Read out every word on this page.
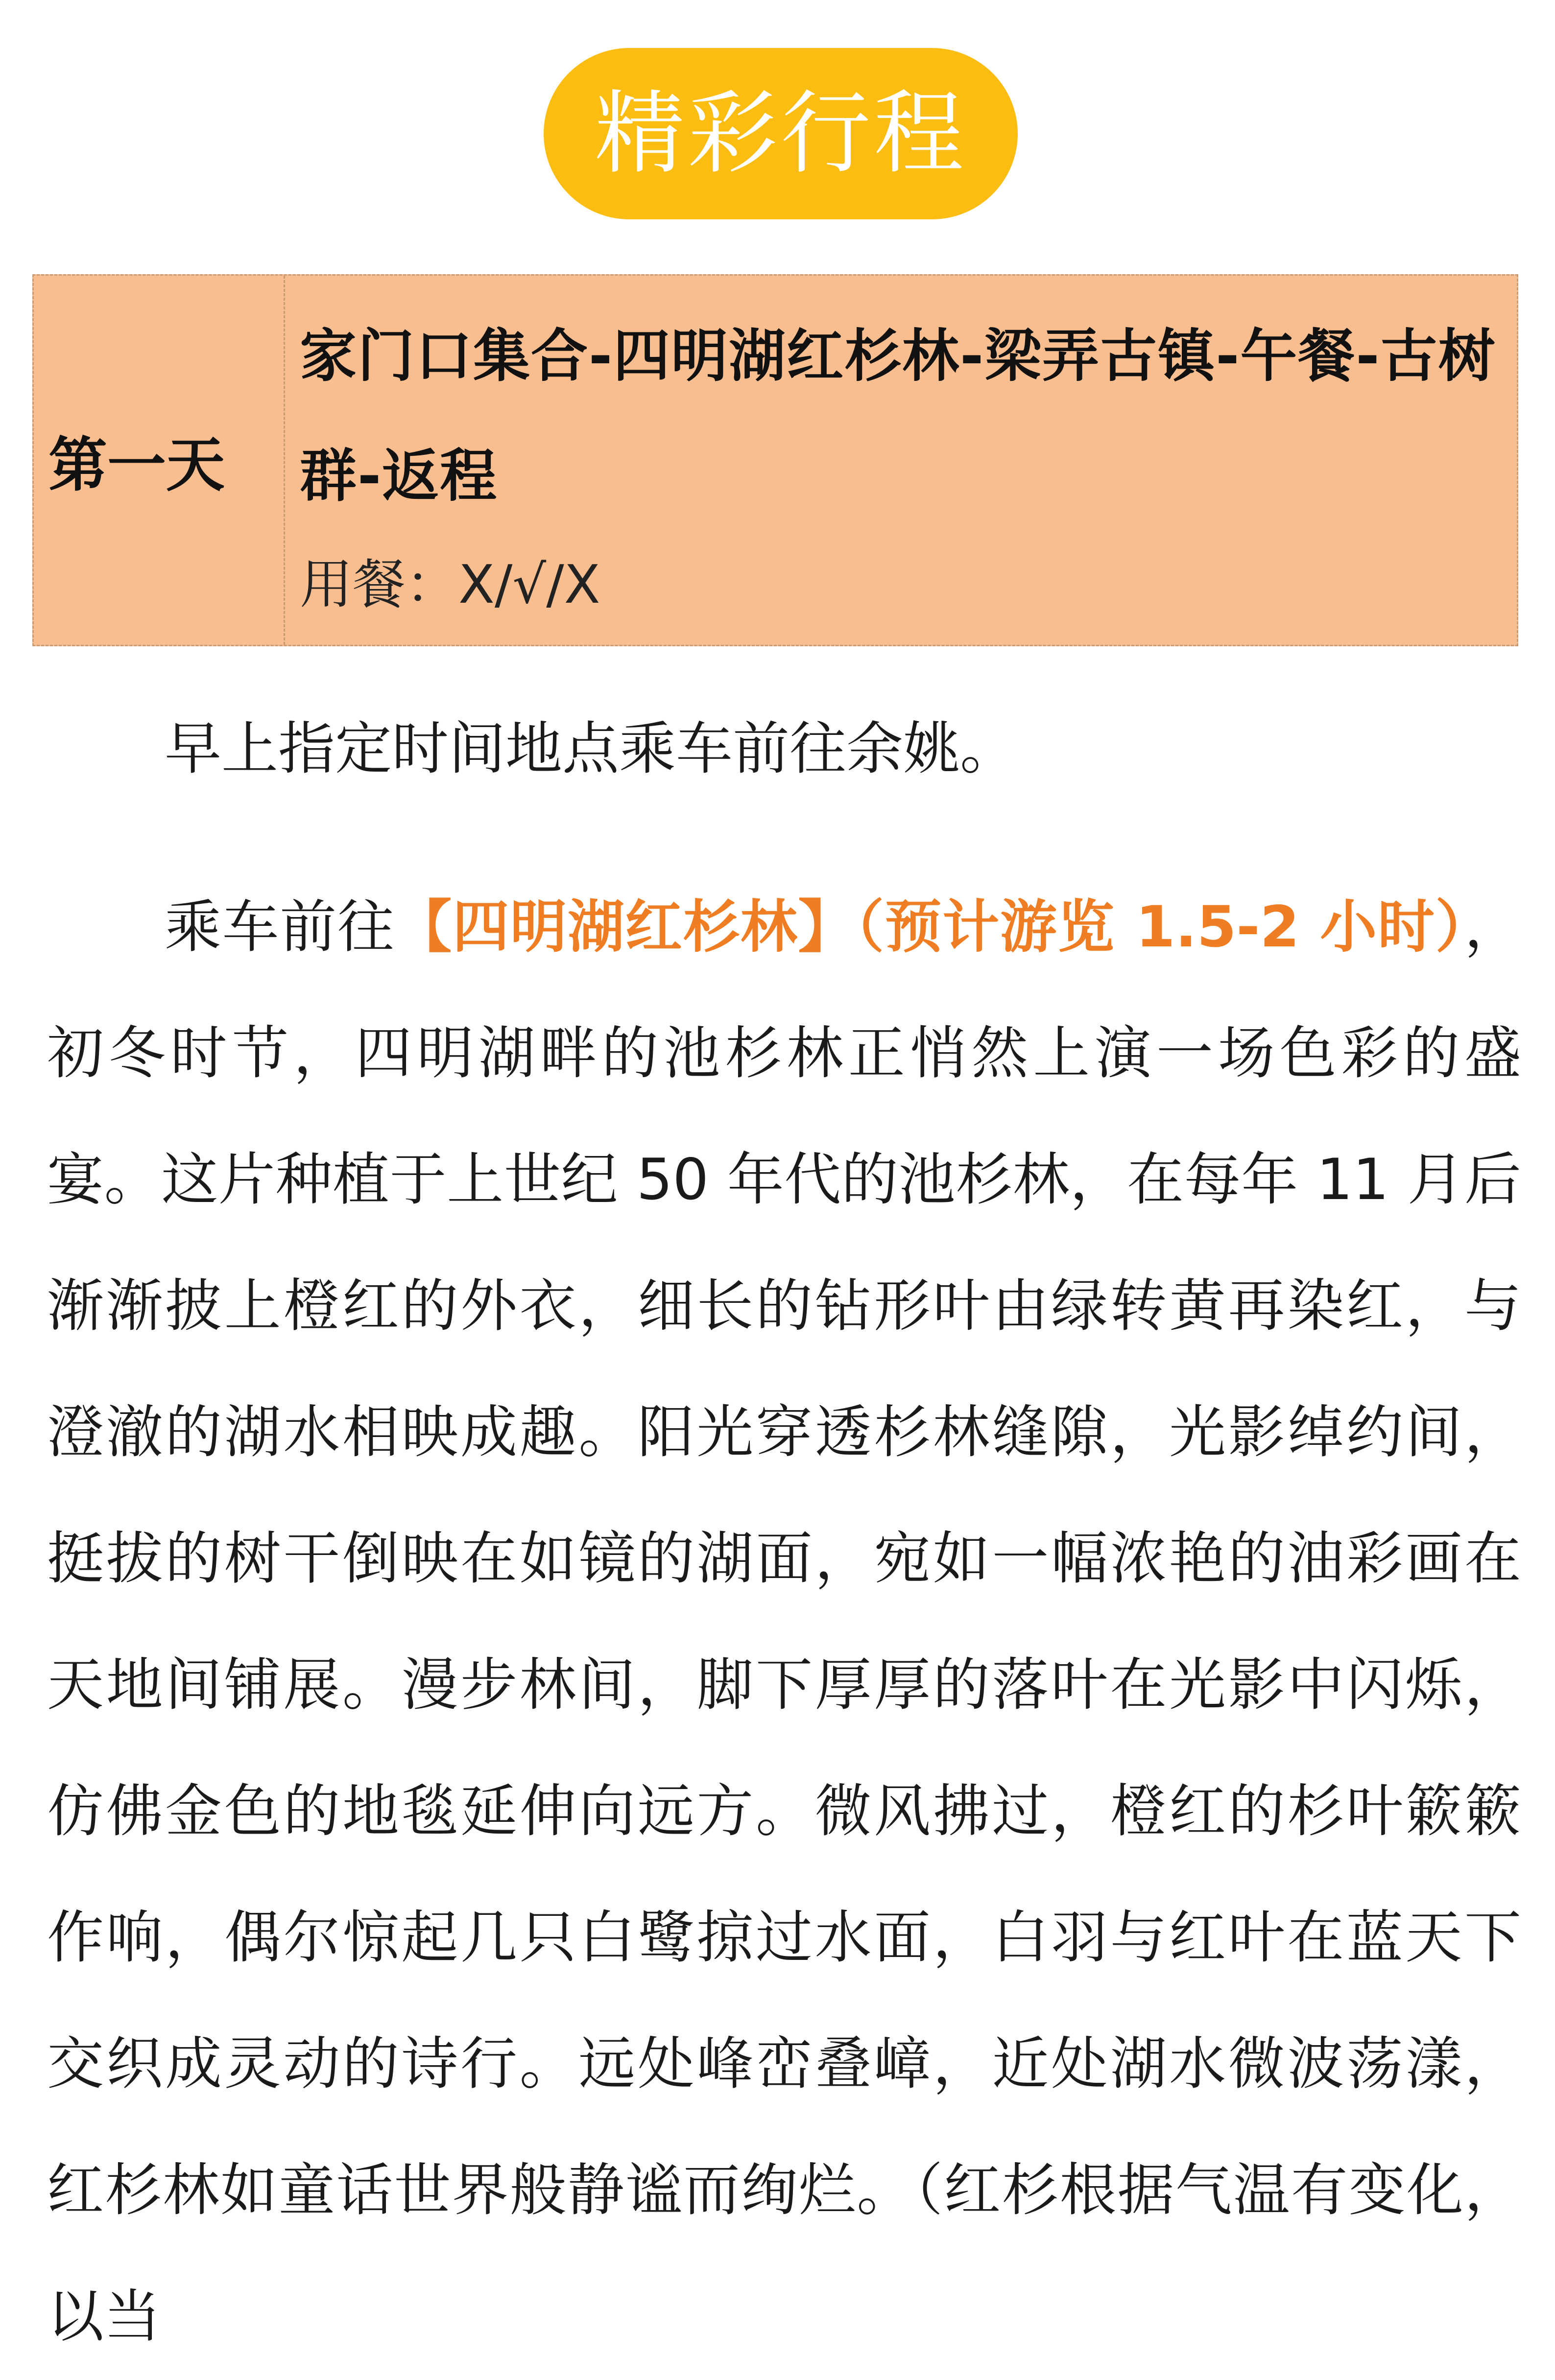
精彩行程
第一天

家门口集合-四明湖红杉林-梁弄古镇-午餐-古树群-返程

用餐：X/√/X

早上指定时间地点乘车前往余姚。

乘车前往【四明湖红杉林】（预计游览 1.5-2 小时），初冬时节，四明湖畔的池杉林正悄然上演一场色彩的盛宴。这片种植于上世纪 50 年代的池杉林，在每年 11 月后渐渐披上橙红的外衣，细长的钻形叶由绿转黄再染红，与澄澈的湖水相映成趣。阳光穿透杉林缝隙，光影绰约间，挺拔的树干倒映在如镜的湖面，宛如一幅浓艳的油彩画在天地间铺展。漫步林间，脚下厚厚的落叶在光影中闪烁，仿佛金色的地毯延伸向远方。微风拂过，橙红的杉叶簌簌作响，偶尔惊起几只白鹭掠过水面，白羽与红叶在蓝天下交织成灵动的诗行。远处峰峦叠嶂，近处湖水微波荡漾，红杉林如童话世界般静谧而绚烂。（红杉根据气温有变化，以当
